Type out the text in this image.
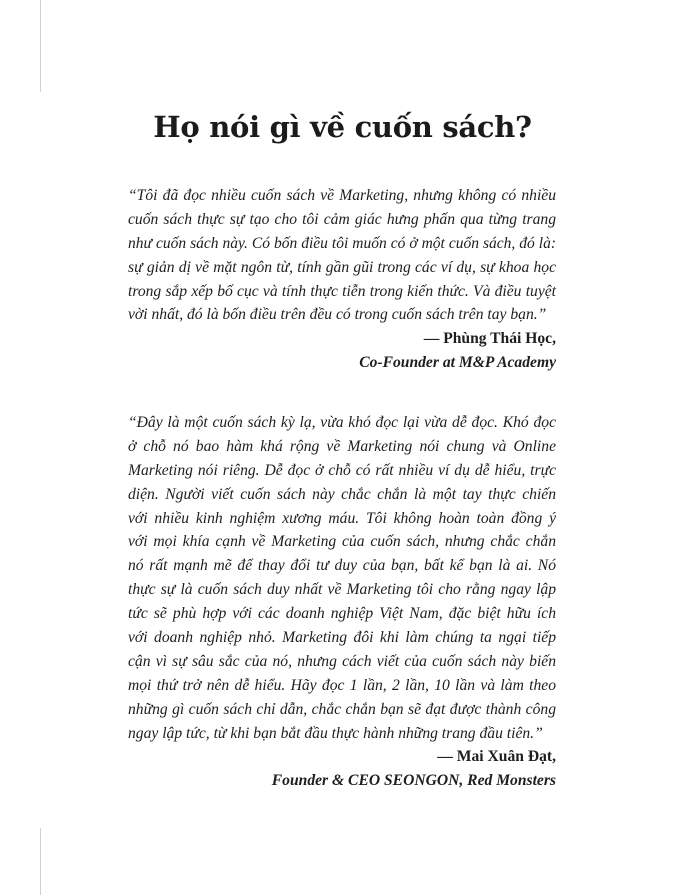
Họ nói gì về cuốn sách?
“Tôi đã đọc nhiều cuốn sách về Marketing, nhưng không có nhiều
cuốn sách thực sự tạo cho tôi cảm giác hưng phấn qua từng trang
như cuốn sách này. Có bốn điều tôi muốn có ở một cuốn sách, đó là:
sự giản dị về mặt ngôn từ, tính gần gũi trong các ví dụ, sự khoa học
trong sắp xếp bố cục và tính thực tiễn trong kiến thức. Và điều tuyệt
vời nhất, đó là bốn điều trên đều có trong cuốn sách trên tay bạn.”
— Phùng Thái Học,
Co-Founder at M&P Academy
“Đây là một cuốn sách kỳ lạ, vừa khó đọc lại vừa dễ đọc. Khó đọc
ở chỗ nó bao hàm khá rộng về Marketing nói chung và Online
Marketing nói riêng. Dễ đọc ở chỗ có rất nhiều ví dụ dễ hiểu, trực
diện. Người viết cuốn sách này chắc chắn là một tay thực chiến
với nhiều kinh nghiệm xương máu. Tôi không hoàn toàn đồng ý
với mọi khía cạnh về Marketing của cuốn sách, nhưng chắc chắn
nó rất mạnh mẽ để thay đổi tư duy của bạn, bất kể bạn là ai. Nó
thực sự là cuốn sách duy nhất về Marketing tôi cho rằng ngay lập
tức sẽ phù hợp với các doanh nghiệp Việt Nam, đặc biệt hữu ích
với doanh nghiệp nhỏ. Marketing đôi khi làm chúng ta ngại tiếp
cận vì sự sâu sắc của nó, nhưng cách viết của cuốn sách này biến
mọi thứ trở nên dễ hiểu. Hãy đọc 1 lần, 2 lần, 10 lần và làm theo
những gì cuốn sách chỉ dẫn, chắc chắn bạn sẽ đạt được thành công
ngay lập tức, từ khi bạn bắt đầu thực hành những trang đầu tiên.”
— Mai Xuân Đạt,
Founder & CEO SEONGON, Red Monsters
